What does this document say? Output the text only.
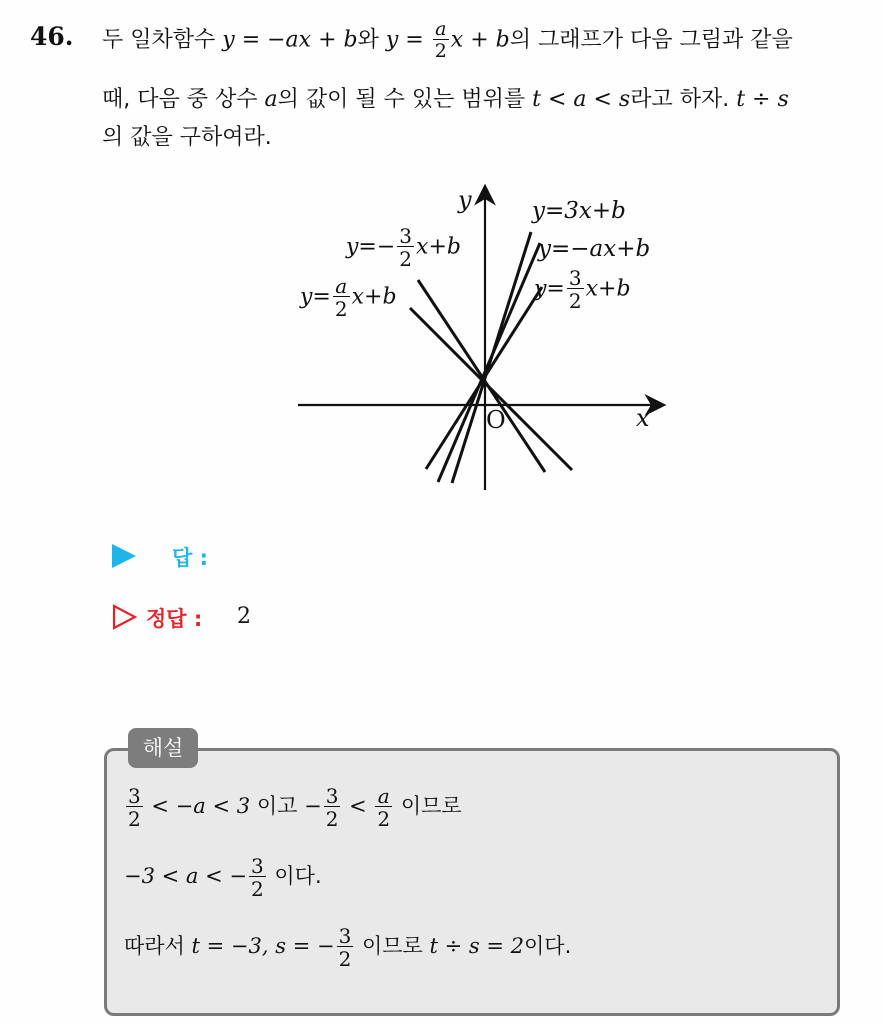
46. 두 일차함수 y = −ax + b와 $y = \frac{a}{2}$ x + b의 그래프가 다음 그림과 같을
때, 다음 중 상수 a의 값이 될 수 있는 범위를 t < a < s라고 하자. t ÷ s
의 값을 구하여라.
y
x
O
y=3x+b
y=−ax+b
$y= \frac{3}{2} x+b$
$y=- \frac{3}{2} x+b$
$y= \frac{a}{2} x+b$
답 :
정답 : 2
해설
$\frac{3}{2} < -a < 3$ 이고 − $\frac{3}{2} < \frac{a}{2}$ 이므로
−3 < a < − $\frac{3}{2}$ 이다.
따라서 t = −3, s = − $\frac{3}{2}$ 이므로 t ÷ s = 2이다.
